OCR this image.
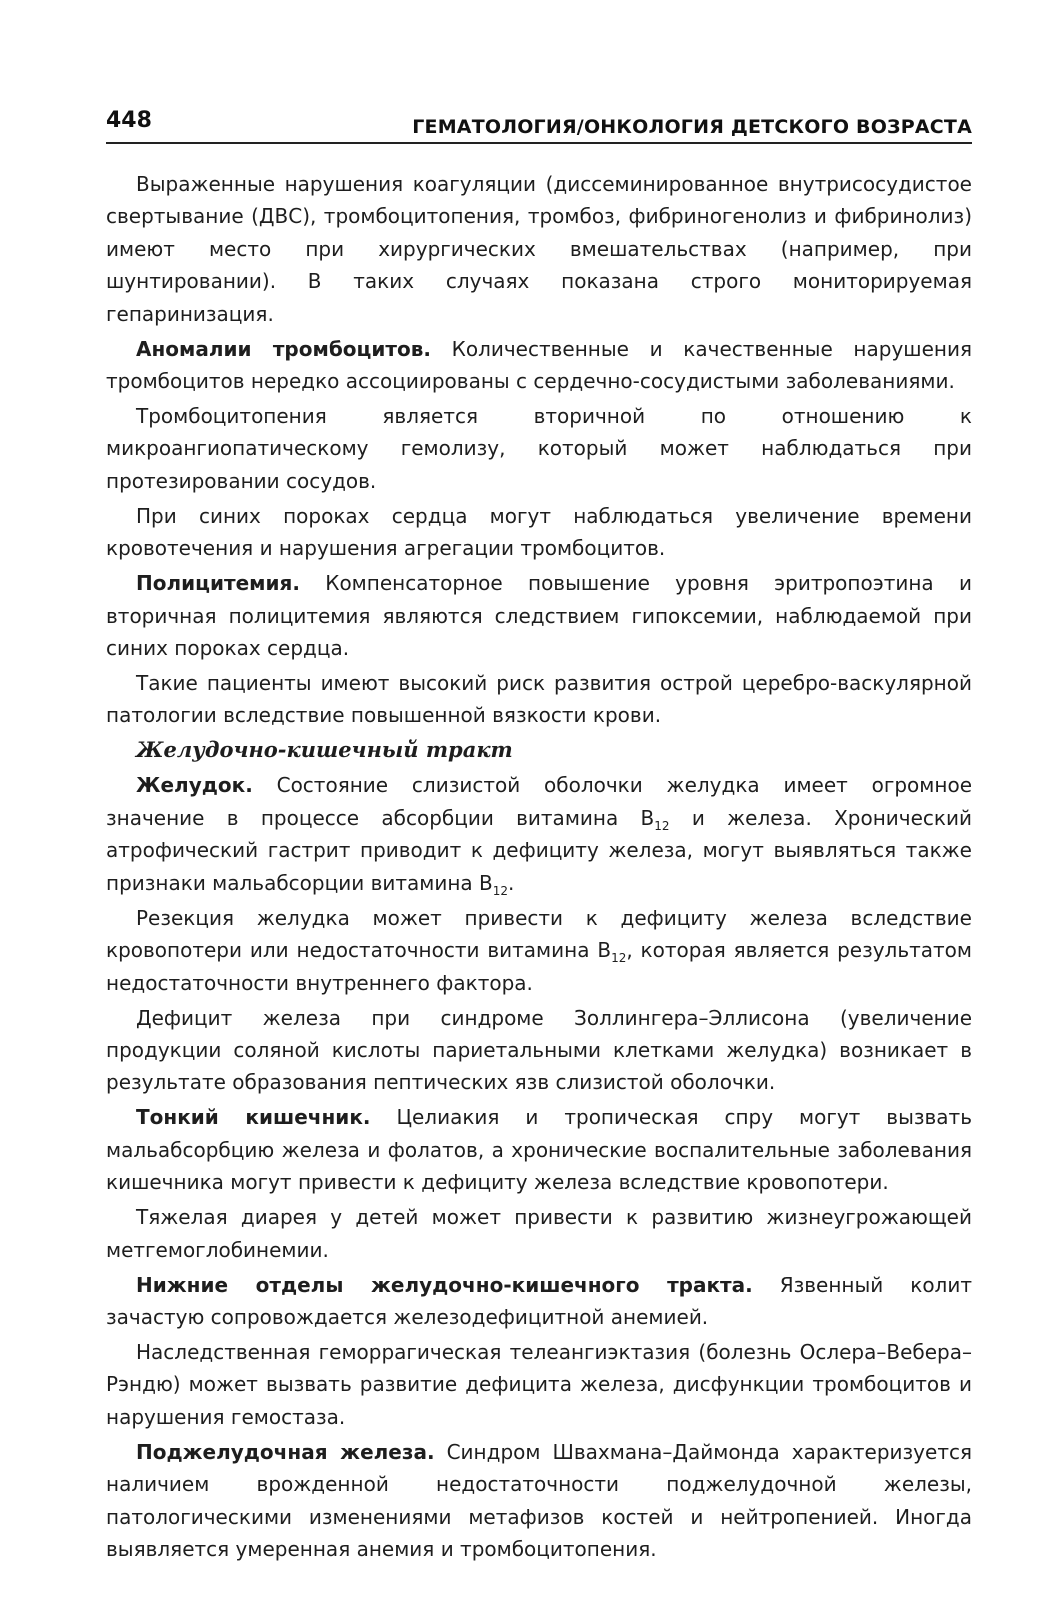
448	ГЕМАТОЛОГИЯ/ОНКОЛОГИЯ ДЕТСКОГО ВОЗРАСТА

Выраженные нарушения коагуляции (диссеминированное внутрисосудистое свертывание (ДВС), тромбоцитопения, тромбоз, фибриногенолиз и фибринолиз) имеют место при хирургических вмешательствах (например, при шунтировании). В таких случаях показана строго мониторируемая гепаринизация.

Аномалии тромбоцитов. Количественные и качественные нарушения тромбоцитов нередко ассоциированы с сердечно-сосудистыми заболеваниями.

Тромбоцитопения является вторичной по отношению к микроангиопатическому гемолизу, который может наблюдаться при протезировании сосудов.

При синих пороках сердца могут наблюдаться увеличение времени кровотечения и нарушения агрегации тромбоцитов.

Полицитемия. Компенсаторное повышение уровня эритропоэтина и вторичная полицитемия являются следствием гипоксемии, наблюдаемой при синих пороках сердца.

Такие пациенты имеют высокий риск развития острой церебро-васкулярной патологии вследствие повышенной вязкости крови.

Желудочно-кишечный тракт

Желудок. Состояние слизистой оболочки желудка имеет огромное значение в процессе абсорбции витамина $B_{12}$ и железа. Хронический атрофический гастрит приводит к дефициту железа, могут выявляться также признаки мальабсорции витамина $B_{12}$.

Резекция желудка может привести к дефициту железа вследствие кровопотери или недостаточности витамина $B_{12}$, которая является результатом недостаточности внутреннего фактора.

Дефицит железа при синдроме Золлингера–Эллисона (увеличение продукции соляной кислоты париетальными клетками желудка) возникает в результате образования пептических язв слизистой оболочки.

Тонкий кишечник. Целиакия и тропическая спру могут вызвать мальабсорбцию железа и фолатов, а хронические воспалительные заболевания кишечника могут привести к дефициту железа вследствие кровопотери.

Тяжелая диарея у детей может привести к развитию жизнеугрожающей метгемоглобинемии.

Нижние отделы желудочно-кишечного тракта. Язвенный колит зачастую сопровождается железодефицитной анемией.

Наследственная геморрагическая телеангиэктазия (болезнь Ослера–Вебера–Рэндю) может вызвать развитие дефицита железа, дисфункции тромбоцитов и нарушения гемостаза.

Поджелудочная железа. Синдром Швахмана–Даймонда характеризуется наличием врожденной недостаточности поджелудочной железы, патологическими изменениями метафизов костей и нейтропенией. Иногда выявляется умеренная анемия и тромбоцитопения.
